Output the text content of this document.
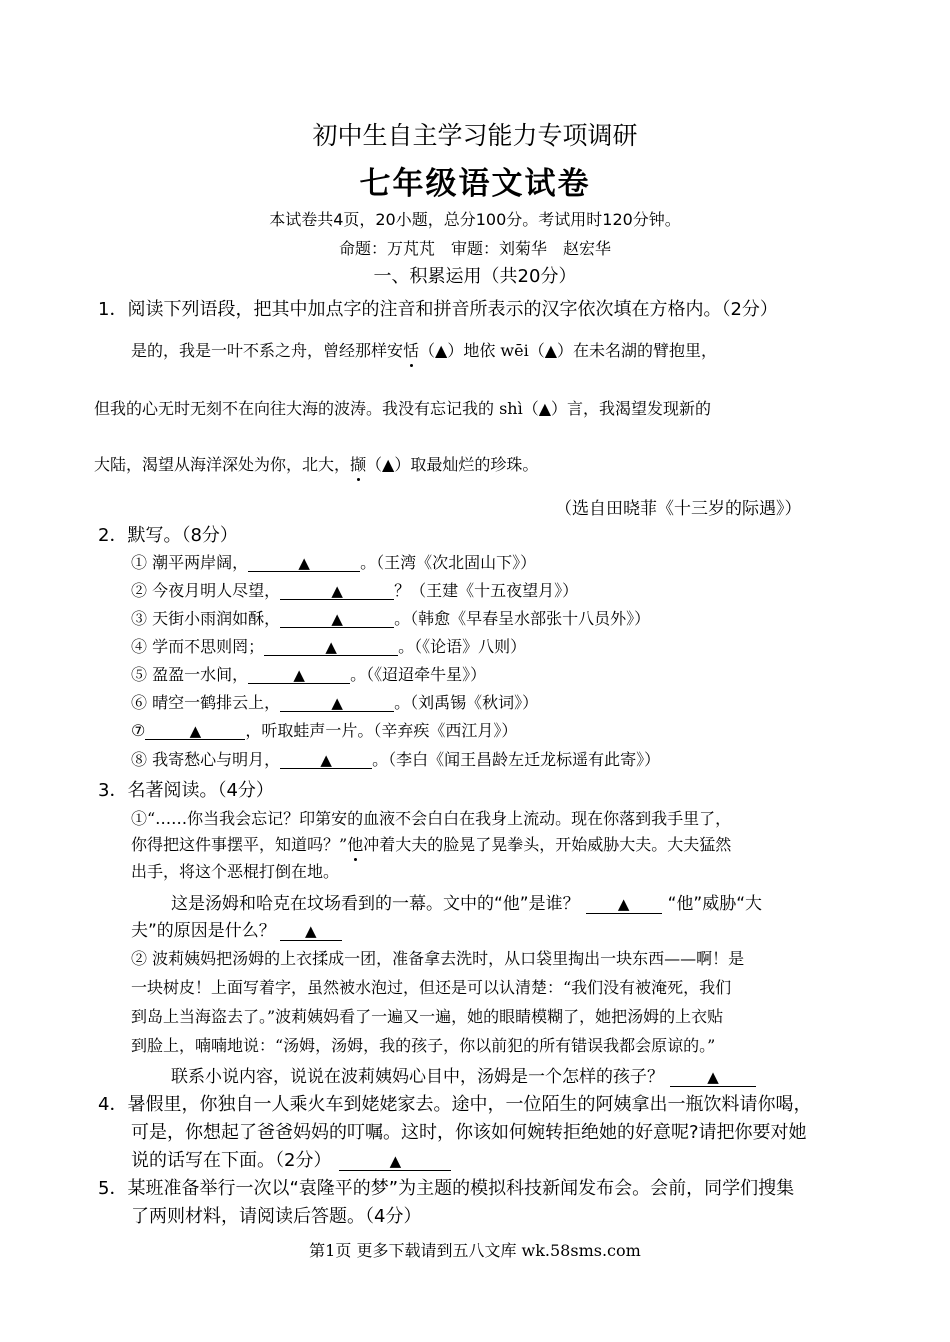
初中生自主学习能力专项调研
七年级语文试卷
本试卷共4页，20小题，总分100分。考试用时120分钟。
命题：万芃芃　审题：刘菊华　赵宏华
一、积累运用（共20分）
1．阅读下列语段，把其中加点字的注音和拼音所表示的汉字依次填在方格内。（2分）
是的，我是一叶不系之舟，曾经那样安恬（▲）地依 wēi（▲）在未名湖的臂抱里，
但我的心无时无刻不在向往大海的波涛。我没有忘记我的 shì（▲）言，我渴望发现新的
大陆，渴望从海洋深处为你，北大，撷（▲）取最灿烂的珍珠。
（选自田晓菲《十三岁的际遇》）
2．默写。（8分）
① 潮平两岸阔，	▲	。（王湾《次北固山下》）
② 今夜月明人尽望，	▲	？（王建《十五夜望月》）
③ 天街小雨润如酥，	▲	。（韩愈《早春呈水部张十八员外》）
④ 学而不思则罔；	▲	。（《论语》八则）
⑤ 盈盈一水间，	▲	。（《迢迢牵牛星》）
⑥ 晴空一鹤排云上，	▲	。（刘禹锡《秋词》）
⑦	▲	，听取蛙声一片。（辛弃疾《西江月》）
⑧ 我寄愁心与明月，	▲	。（李白《闻王昌龄左迁龙标遥有此寄》）
3．名著阅读。（4分）
①“……你当我会忘记？印第安的血液不会白白在我身上流动。现在你落到我手里了，
你得把这件事摆平，知道吗？”他冲着大夫的脸晃了晃拳头，开始威胁大夫。大夫猛然
出手，将这个恶棍打倒在地。
这是汤姆和哈克在坟场看到的一幕。文中的“他”是谁？	▲ “他”威胁“大
夫”的原因是什么？ ▲
② 波莉姨妈把汤姆的上衣揉成一团，准备拿去洗时，从口袋里掏出一块东西——啊！是
一块树皮！上面写着字，虽然被水泡过，但还是可以认清楚：“我们没有被淹死，我们
到岛上当海盗去了。”波莉姨妈看了一遍又一遍，她的眼睛模糊了，她把汤姆的上衣贴
到脸上，喃喃地说：“汤姆，汤姆，我的孩子，你以前犯的所有错误我都会原谅的。”
联系小说内容，说说在波莉姨妈心目中，汤姆是一个怎样的孩子？	▲
4．暑假里，你独自一人乘火车到姥姥家去。途中，一位陌生的阿姨拿出一瓶饮料请你喝，
可是，你想起了爸爸妈妈的叮嘱。这时，你该如何婉转拒绝她的好意呢?请把你要对她
说的话写在下面。（2分）	▲
5．某班准备举行一次以“袁隆平的梦”为主题的模拟科技新闻发布会。会前，同学们搜集
了两则材料，请阅读后答题。（4分）
第1页 更多下载请到五八文库 wk.58sms.com
